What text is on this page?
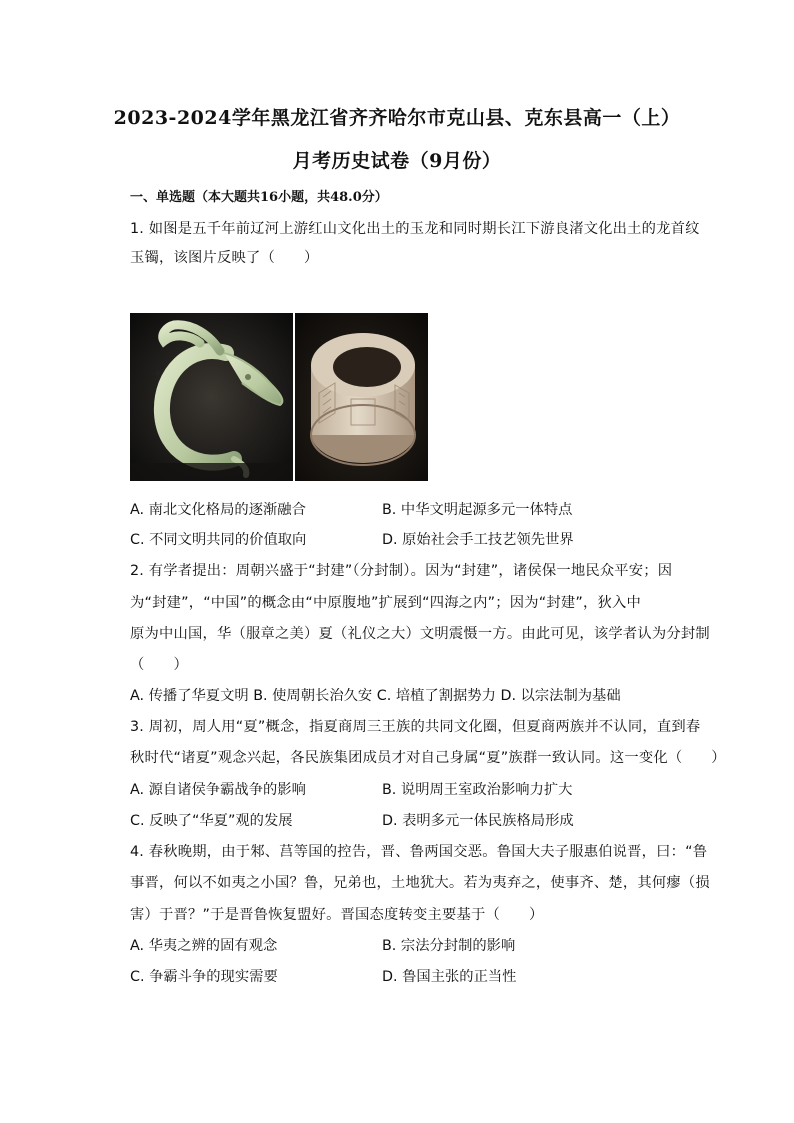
2023-2024学年黑龙江省齐齐哈尔市克山县、克东县高一（上）
月考历史试卷（9月份）
一、单选题（本大题共16小题，共48.0分）
1. 如图是五千年前辽河上游红山文化出土的玉龙和同时期长江下游良渚文化出土的龙首纹
玉镯，该图片反映了（　　）
A. 南北文化格局的逐渐融合	B. 中华文明起源多元一体特点
C. 不同文明共同的价值取向	D. 原始社会手工技艺领先世界
2. 有学者提出：周朝兴盛于“封建”（分封制）。因为“封建”，诸侯保一地民众平安；因
为“封建”，“中国”的概念由“中原腹地”扩展到“四海之内”；因为“封建”，狄入中
原为中山国，华（服章之美）夏（礼仪之大）文明震慑一方。由此可见，该学者认为分封制
（　　）
A. 传播了华夏文明 B. 使周朝长治久安 C. 培植了割据势力 D. 以宗法制为基础
3. 周初，周人用“夏”概念，指夏商周三王族的共同文化圈，但夏商两族并不认同，直到春
秋时代“诸夏”观念兴起，各民族集团成员才对自己身属“夏”族群一致认同。这一变化（　　）
A. 源自诸侯争霸战争的影响	B. 说明周王室政治影响力扩大
C. 反映了“华夏”观的发展	D. 表明多元一体民族格局形成
4. 春秋晚期，由于邾、莒等国的控告，晋、鲁两国交恶。鲁国大夫子服惠伯说晋，曰：“鲁
事晋，何以不如夷之小国？鲁，兄弟也，土地犹大。若为夷弃之，使事齐、楚，其何瘳（损
害）于晋？”于是晋鲁恢复盟好。晋国态度转变主要基于（　　）
A. 华夷之辨的固有观念	B. 宗法分封制的影响
C. 争霸斗争的现实需要	D. 鲁国主张的正当性
